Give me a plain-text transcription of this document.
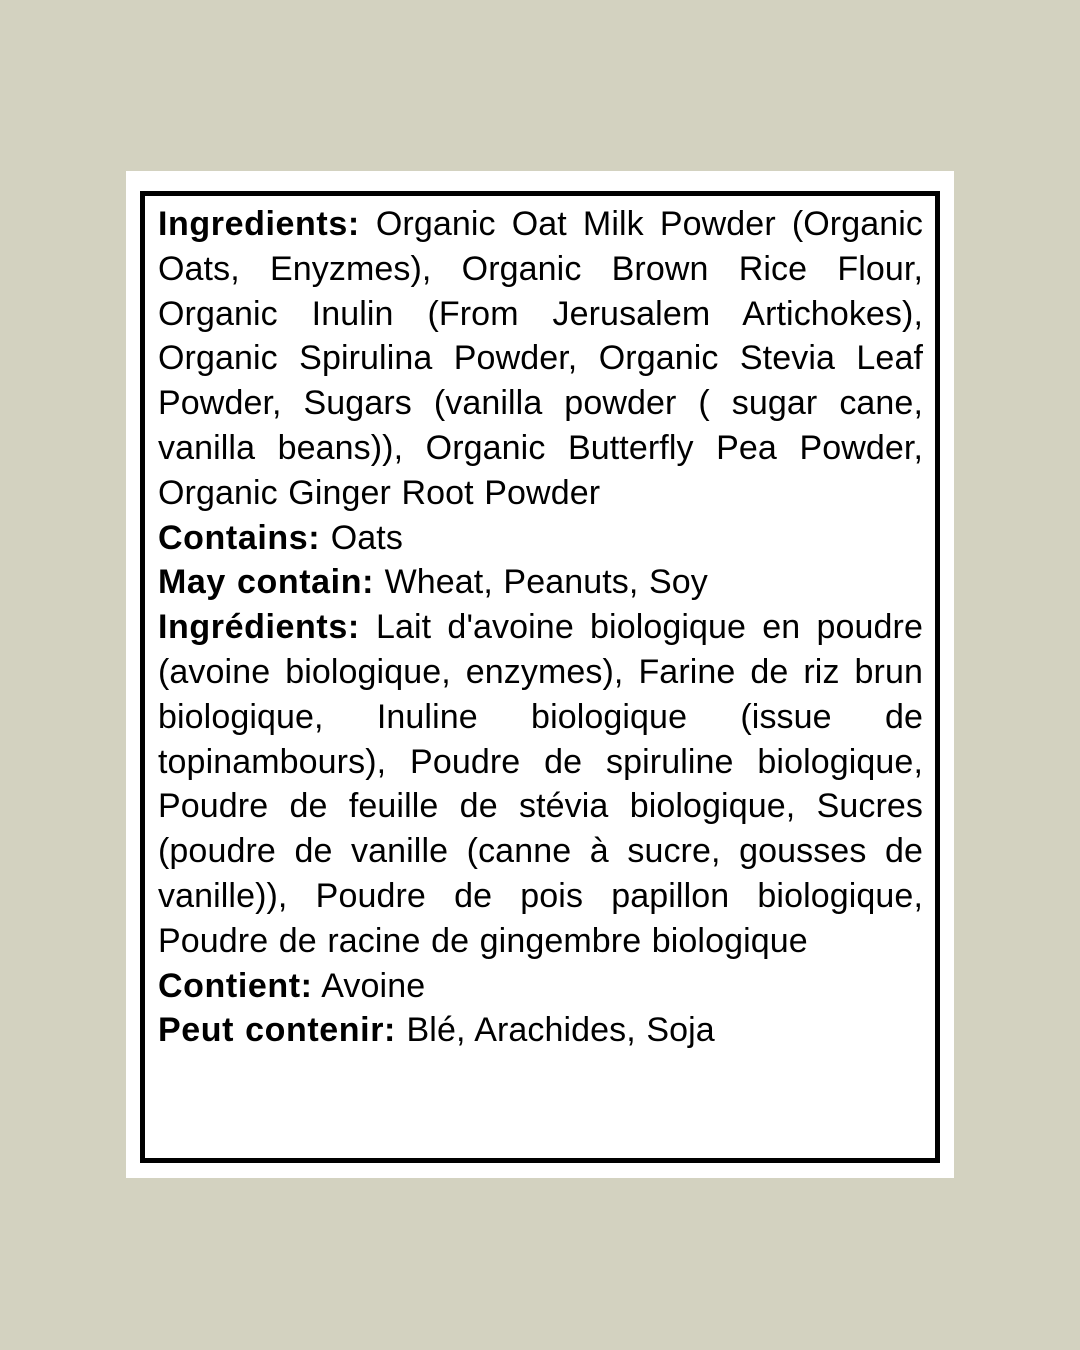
Ingredients: Organic Oat Milk Powder (Organic Oats, Enyzmes), Organic Brown Rice Flour, Organic Inulin (From Jerusalem Artichokes), Organic Spirulina Powder, Organic Stevia Leaf Powder, Sugars (vanilla powder ( sugar cane, vanilla beans)), Organic Butterfly Pea Powder, Organic Ginger Root Powder

Contains: Oats

May contain: Wheat, Peanuts, Soy

Ingrédients: Lait d'avoine biologique en poudre (avoine biologique, enzymes), Farine de riz brun biologique, Inuline biologique (issue de topinambours), Poudre de spiruline biologique, Poudre de feuille de stévia biologique, Sucres (poudre de vanille (canne à sucre, gousses de vanille)), Poudre de pois papillon biologique, Poudre de racine de gingembre biologique

Contient: Avoine

Peut contenir: Blé, Arachides, Soja
